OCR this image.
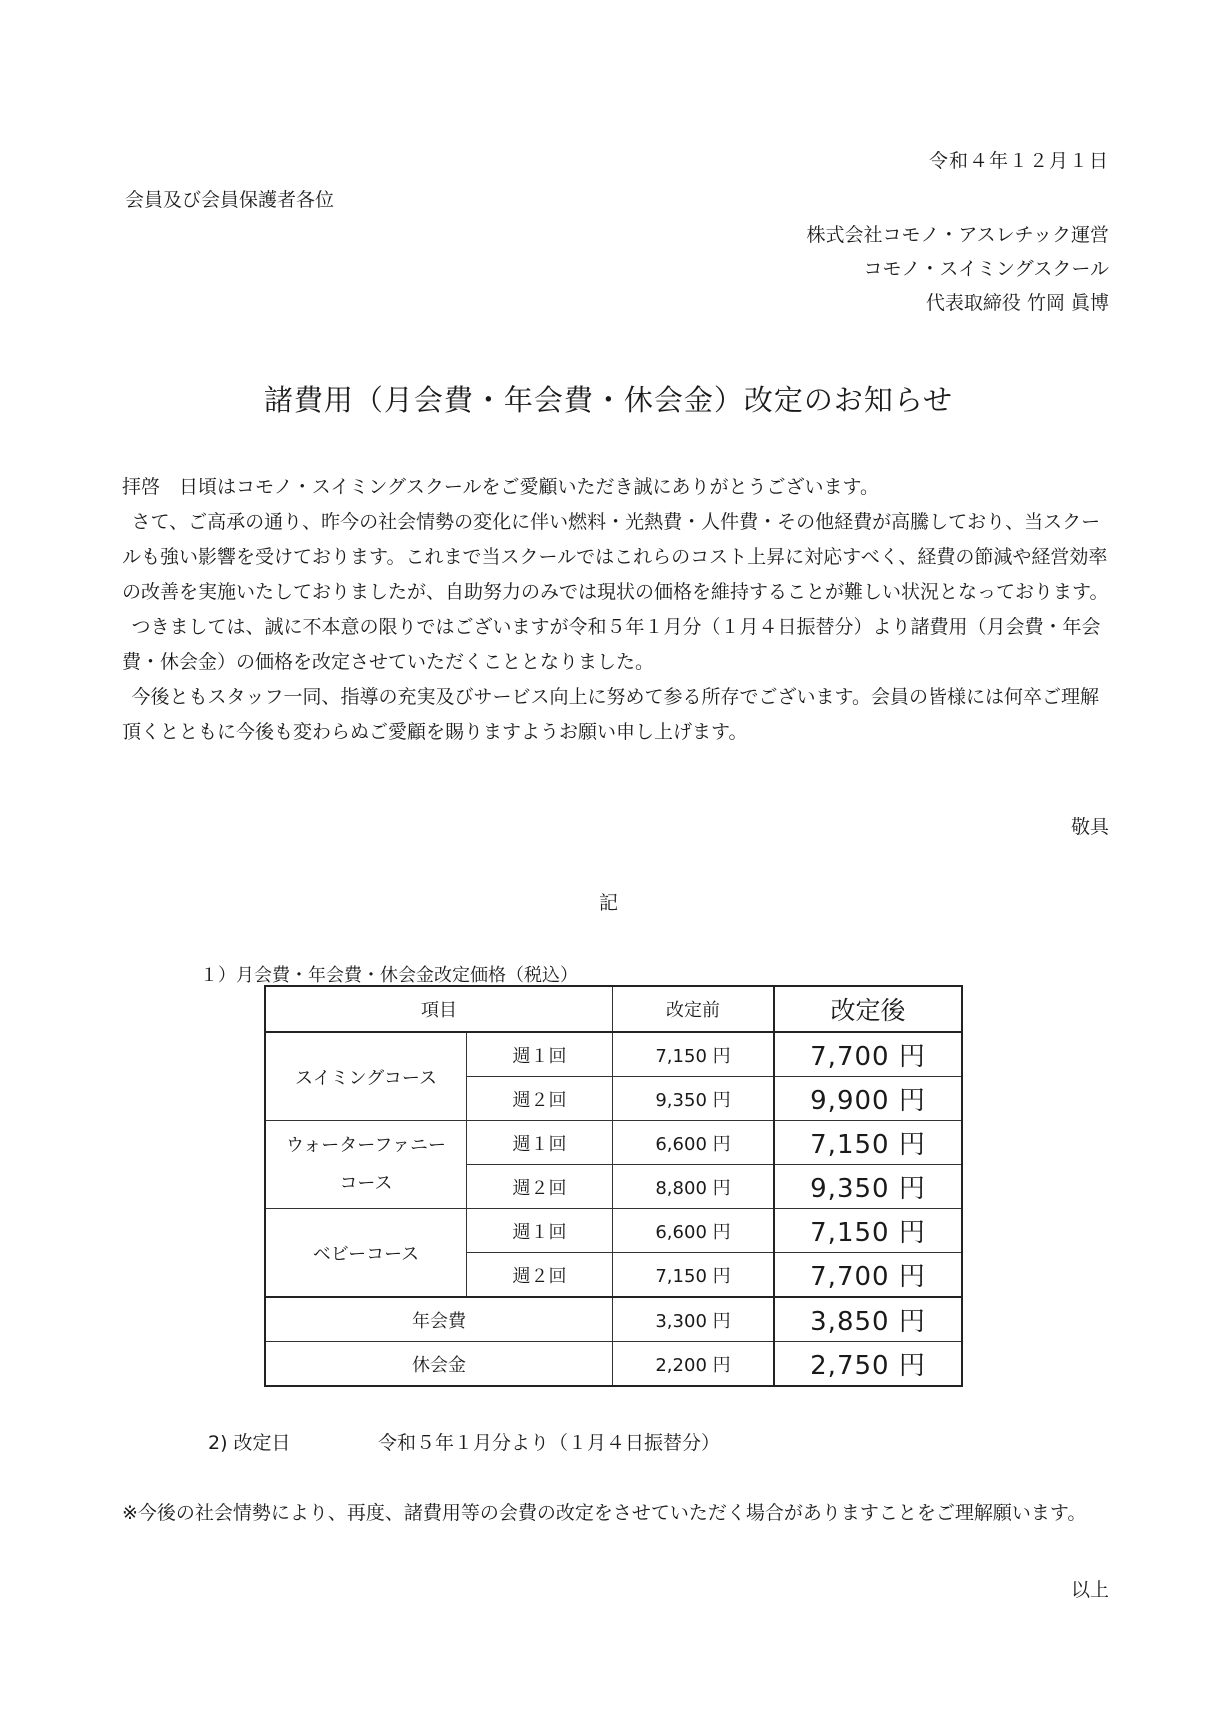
令和４年１２月１日
会員及び会員保護者各位
株式会社コモノ・アスレチック運営
コモノ・スイミングスクール
代表取締役 竹岡 眞博
諸費用（月会費・年会費・休会金）改定のお知らせ

拝啓　日頃はコモノ・スイミングスクールをご愛顧いただき誠にありがとうございます。

さて、ご高承の通り、昨今の社会情勢の変化に伴い燃料・光熱費・人件費・その他経費が高騰しており、当スクールも強い影響を受けております。これまで当スクールではこれらのコスト上昇に対応すべく、経費の節減や経営効率の改善を実施いたしておりましたが、自助努力のみでは現状の価格を維持することが難しい状況となっております。

つきましては、誠に不本意の限りではございますが令和５年１月分（１月４日振替分）より諸費用（月会費・年会費・休会金）の価格を改定させていただくこととなりました。

今後ともスタッフ一同、指導の充実及びサービス向上に努めて参る所存でございます。会員の皆様には何卒ご理解頂くとともに今後も変わらぬご愛顧を賜りますようお願い申し上げます。

敬具
記
１）月会費・年会費・休会金改定価格（税込）
項目		改定前	改定後
スイミングコース	週１回	7,150 円	7,700 円
	週２回	9,350 円	9,900 円
ウォーターファニー
コース	週１回	6,600 円	7,150 円
	週２回	8,800 円	9,350 円
ベビーコース	週１回	6,600 円	7,150 円
	週２回	7,150 円	7,700 円
年会費		3,300 円	3,850 円
休会金		2,200 円	2,750 円
2) 改定日	令和５年１月分より（１月４日振替分）
※今後の社会情勢により、再度、諸費用等の会費の改定をさせていただく場合がありますことをご理解願います。
以上
